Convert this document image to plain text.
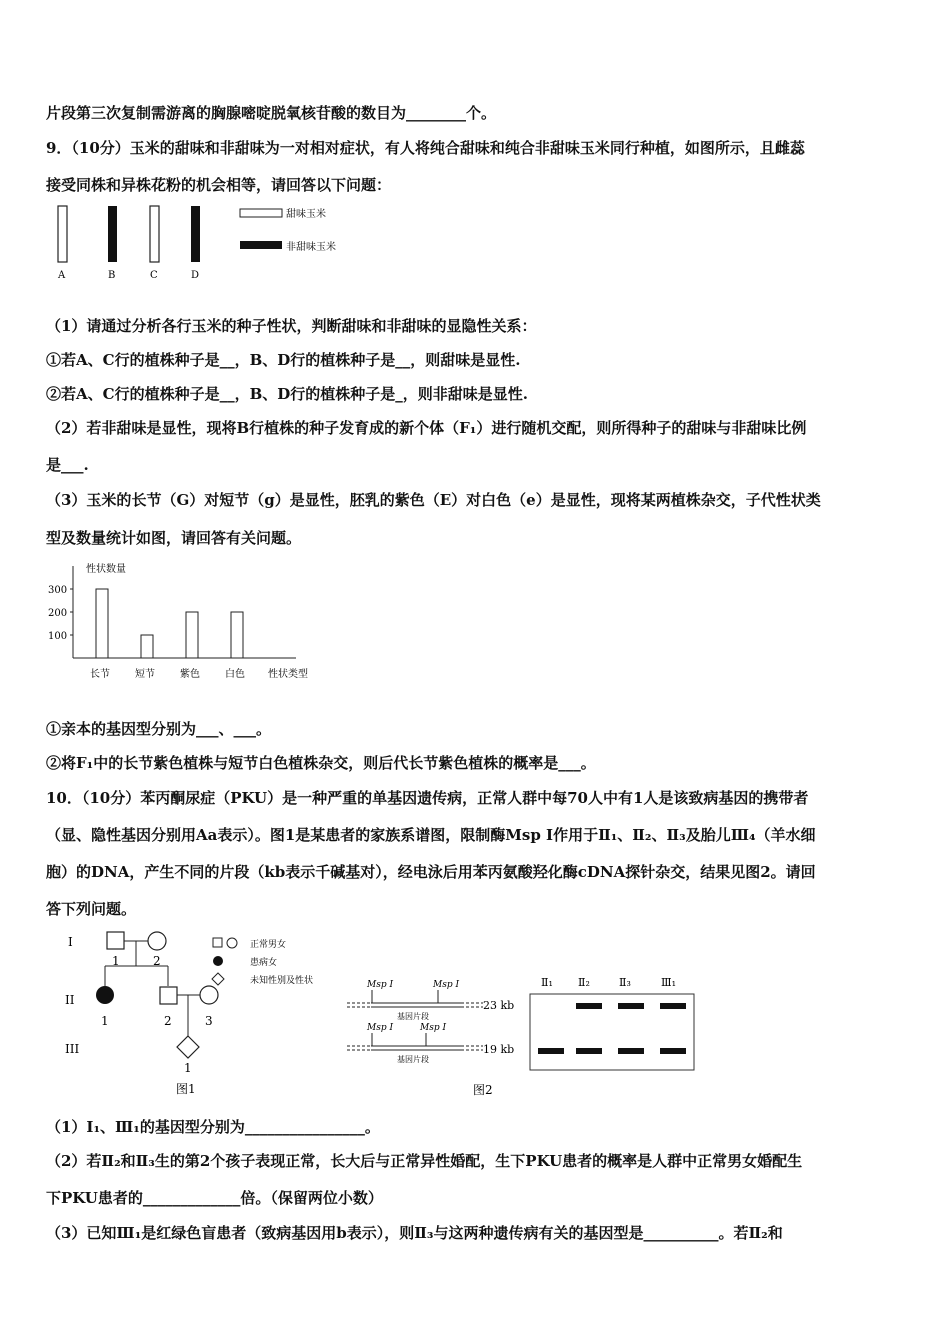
片段第三次复制需游离的胸腺嘧啶脱氧核苷酸的数目为________个。
9．（10分）玉米的甜味和非甜味为一对相对症状，有人将纯合甜味和纯合非甜味玉米同行种植，如图所示，且雌蕊
接受同株和异株花粉的机会相等，请回答以下问题：
A	B	C	D
甜味玉米
非甜味玉米
（1）请通过分析各行玉米的种子性状，判断甜味和非甜味的显隐性关系：
①若A、C行的植株种子是__，B、D行的植株种子是__，则甜味是显性.
②若A、C行的植株种子是__，B、D行的植株种子是_，则非甜味是显性.
（2）若非甜味是显性，现将B行植株的种子发育成的新个体（F₁）进行随机交配，则所得种子的甜味与非甜味比例
是___.
（3）玉米的长节（G）对短节（g）是显性，胚乳的紫色（E）对白色（e）是显性，现将某两植株杂交，子代性状类
型及数量统计如图，请回答有关问题。
性状数量
性状类型
长节	短节	紫色	白色
100
200
300
①亲本的基因型分别为___、___。
②将F₁中的长节紫色植株与短节白色植株杂交，则后代长节紫色植株的概率是___。
10．（10分）苯丙酮尿症（PKU）是一种严重的单基因遗传病，正常人群中每70人中有1人是该致病基因的携带者
（显、隐性基因分别用Aa表示）。图1是某患者的家族系谱图，限制酶Msp I作用于Ⅱ₁、Ⅱ₂、Ⅱ₃及胎儿Ⅲ₄（羊水细
胞）的DNA，产生不同的片段（kb表示千碱基对），经电泳后用苯丙氨酸羟化酶cDNA探针杂交，结果见图2。请回
答下列问题。
I
II
III
1	2
1	2	3
1
正常男女
患病女
未知性别及性状
图1
Msp I	Msp I
基因片段
23 kb
Msp I	Msp I
基因片段
19 kb
Ⅱ₁ Ⅱ₂	Ⅱ₃	Ⅲ₁
图2
（1）I₁、Ⅲ₁的基因型分别为________________。
（2）若Ⅱ₂和Ⅱ₃生的第2个孩子表现正常，长大后与正常异性婚配，生下PKU患者的概率是人群中正常男女婚配生
下PKU患者的_____________倍。（保留两位小数）
（3）已知Ⅲ₁是红绿色盲患者（致病基因用b表示），则Ⅱ₃与这两种遗传病有关的基因型是__________。若Ⅱ₂和
